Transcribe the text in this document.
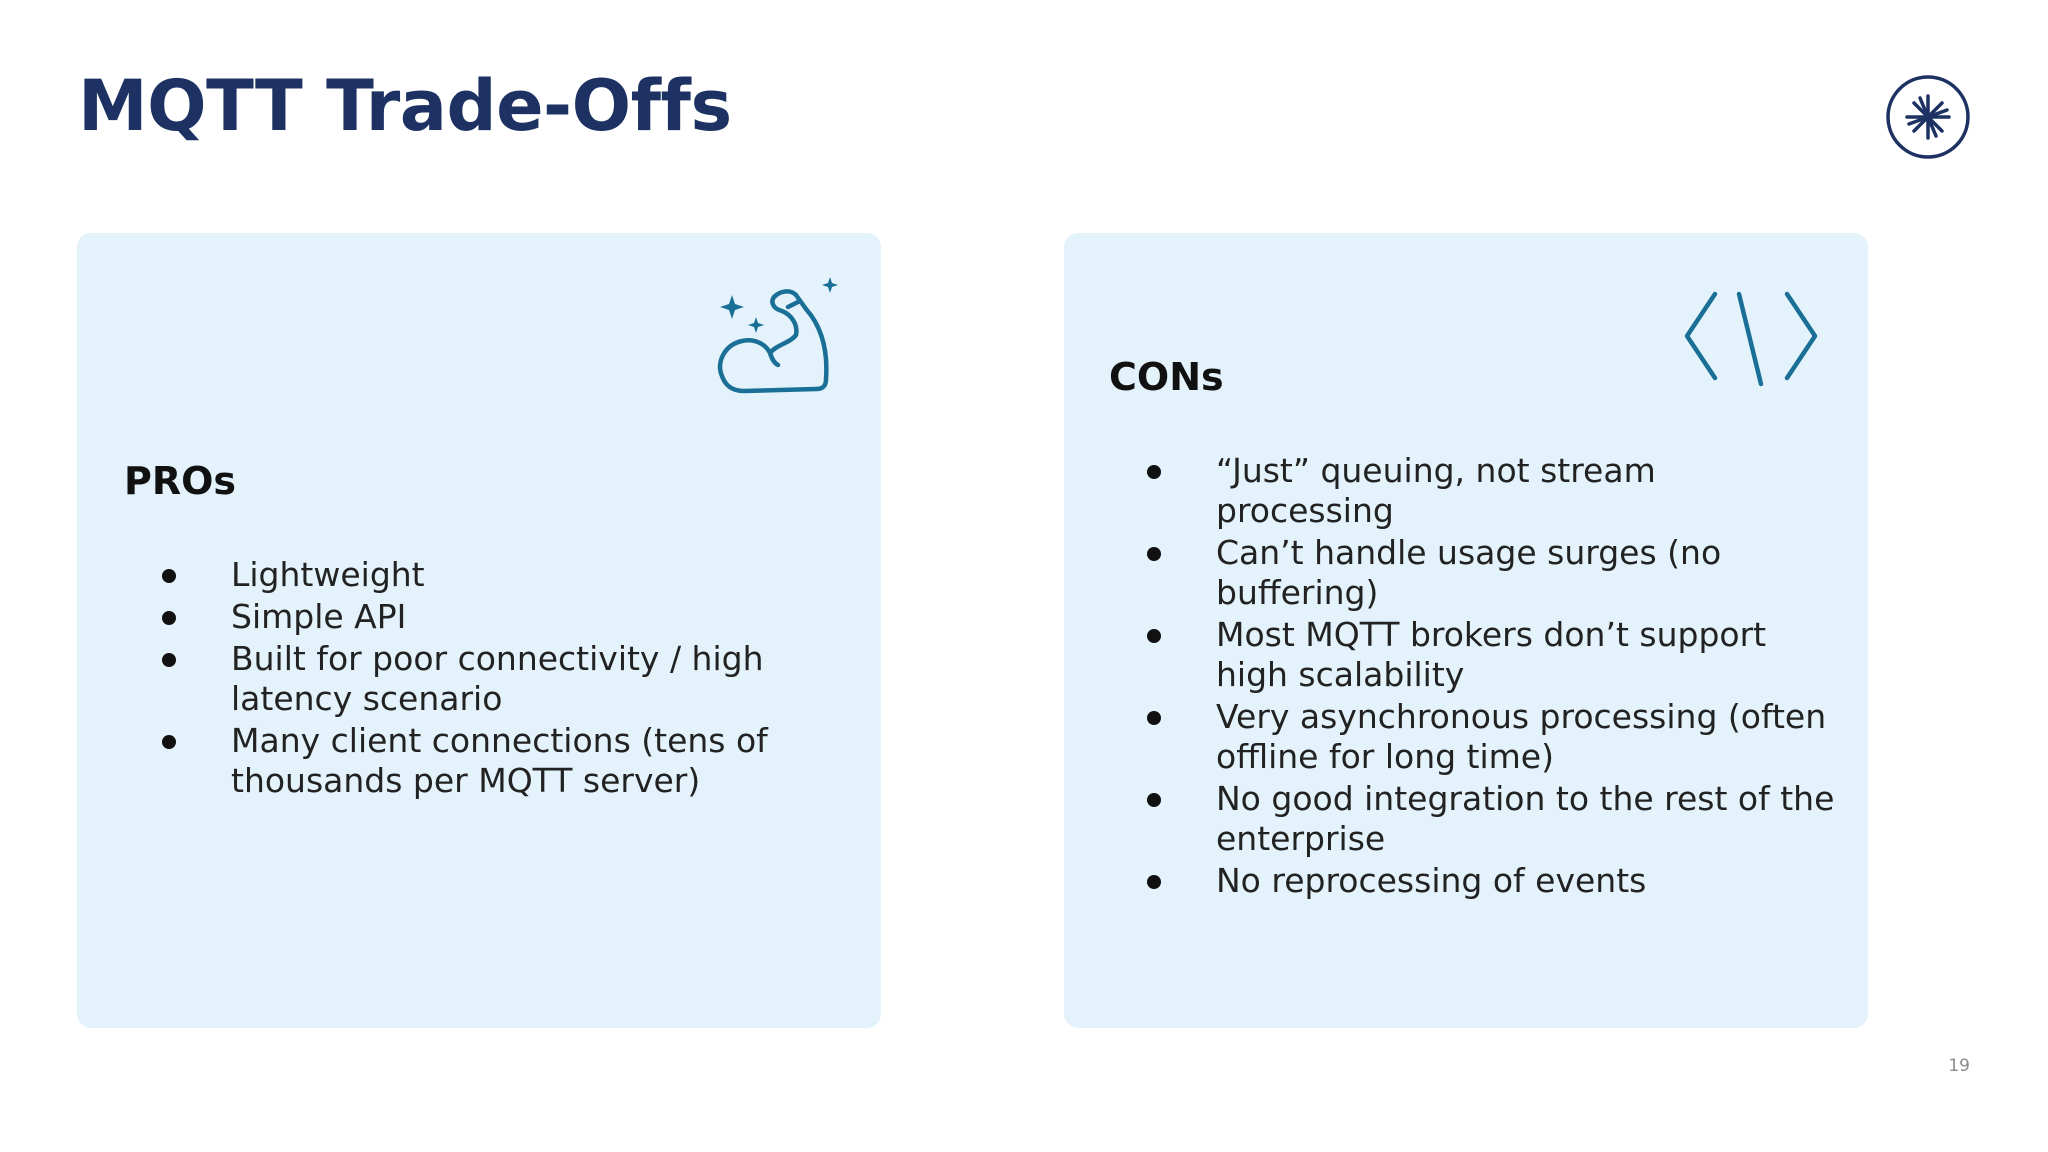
MQTT Trade-Offs
PROs
Lightweight
Simple API
Built for poor connectivity / high latency scenario
Many client connections (tens of thousands per MQTT server)
CONs
“Just” queuing, not stream processing
Can’t handle usage surges (no buffering)
Most MQTT brokers don’t support high scalability
Very asynchronous processing (often offline for long time)
No good integration to the rest of the enterprise
No reprocessing of events
19
